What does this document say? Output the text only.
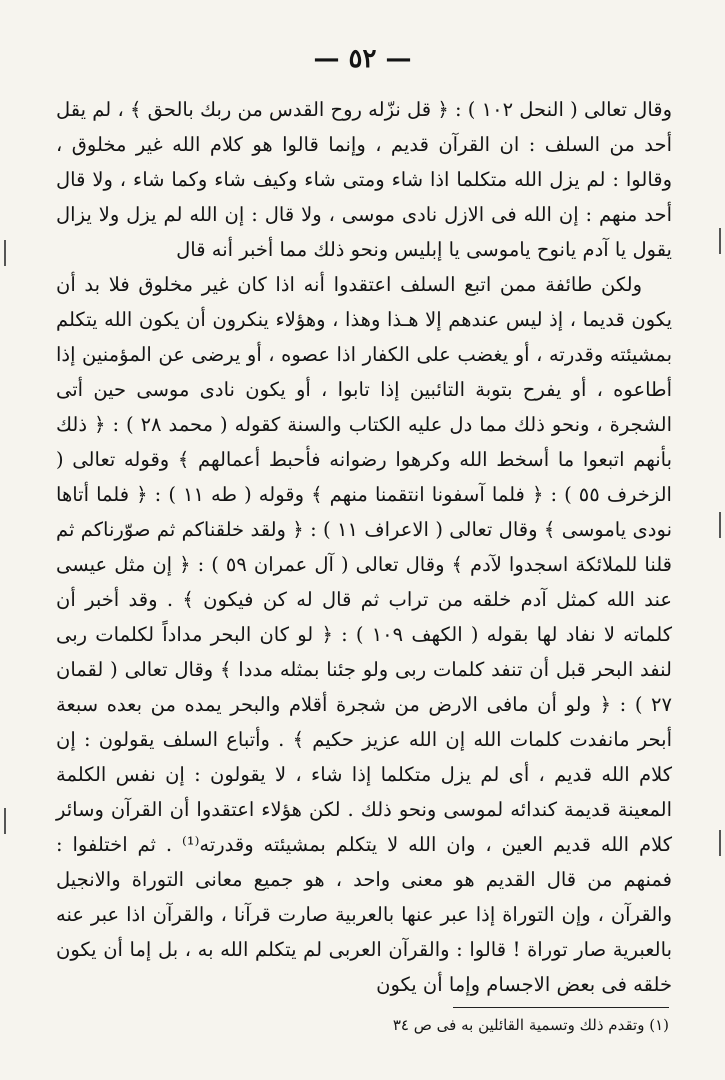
— ٥٢ —

وقال تعالى ( النحل ١٠٢ ) : ﴿ قل نزّله روح القدس من ربك بالحق ﴾ ، لم يقل أحد من السلف : ان القرآن قديم ، وإنما قالوا هو كلام الله غير مخلوق ، وقالوا : لم يزل الله متكلما اذا شاء ومتى شاء وكيف شاء وكما شاء ، ولا قال أحد منهم : إن الله فى الازل نادى موسى ، ولا قال : إن الله لم يزل ولا يزال يقول يا آدم يانوح ياموسى يا إبليس ونحو ذلك مما أخبر أنه قال

ولكن طائفة ممن اتبع السلف اعتقدوا أنه اذا كان غير مخلوق فلا بد أن يكون قديما ، إذ ليس عندهم إلا هـذا وهذا ، وهؤلاء ينكرون أن يكون الله يتكلم بمشيئته وقدرته ، أو يغضب على الكفار اذا عصوه ، أو يرضى عن المؤمنين إذا أطاعوه ، أو يفرح بتوبة التائبين إذا تابوا ، أو يكون نادى موسى حين أتى الشجرة ، ونحو ذلك مما دل عليه الكتاب والسنة كقوله ( محمد ٢٨ ) : ﴿ ذلك بأنهم اتبعوا ما أسخط الله وكرهوا رضوانه فأحبط أعمالهم ﴾ وقوله تعالى ( الزخرف ٥٥ ) : ﴿ فلما آسفونا انتقمنا منهم ﴾ وقوله ( طه ١١ ) : ﴿ فلما أتاها نودى ياموسى ﴾ وقال تعالى ( الاعراف ١١ ) : ﴿ ولقد خلقناكم ثم صوّرناكم ثم قلنا للملائكة اسجدوا لآدم ﴾ وقال تعالى ( آل عمران ٥٩ ) : ﴿ إن مثل عيسى عند الله كمثل آدم خلقه من تراب ثم قال له كن فيكون ﴾ . وقد أخبر أن كلماته لا نفاد لها بقوله ( الكهف ١٠٩ ) : ﴿ لو كان البحر مداداً لكلمات ربى لنفد البحر قبل أن تنفد كلمات ربى ولو جئنا بمثله مددا ﴾ وقال تعالى ( لقمان ٢٧ ) : ﴿ ولو أن مافى الارض من شجرة أقلام والبحر يمده من بعده سبعة أبحر مانفدت كلمات الله إن الله عزيز حكيم ﴾ . وأتباع السلف يقولون : إن كلام الله قديم ، أى لم يزل متكلما إذا شاء ، لا يقولون : إن نفس الكلمة المعينة قديمة كندائه لموسى ونحو ذلك . لكن هؤلاء اعتقدوا أن القرآن وسائر كلام الله قديم العين ، وان الله لا يتكلم بمشيئته وقدرته⁽¹⁾ . ثم اختلفوا : فمنهم من قال القديم هو معنى واحد ، هو جميع معانى التوراة والانجيل والقرآن ، وإن التوراة إذا عبر عنها بالعربية صارت قرآنا ، والقرآن اذا عبر عنه بالعبرية صار توراة ! قالوا : والقرآن العربى لم يتكلم الله به ، بل إما أن يكون خلقه فى بعض الاجسام وإما أن يكون

(١) وتقدم ذلك وتسمية القائلين به فى ص ٣٤
